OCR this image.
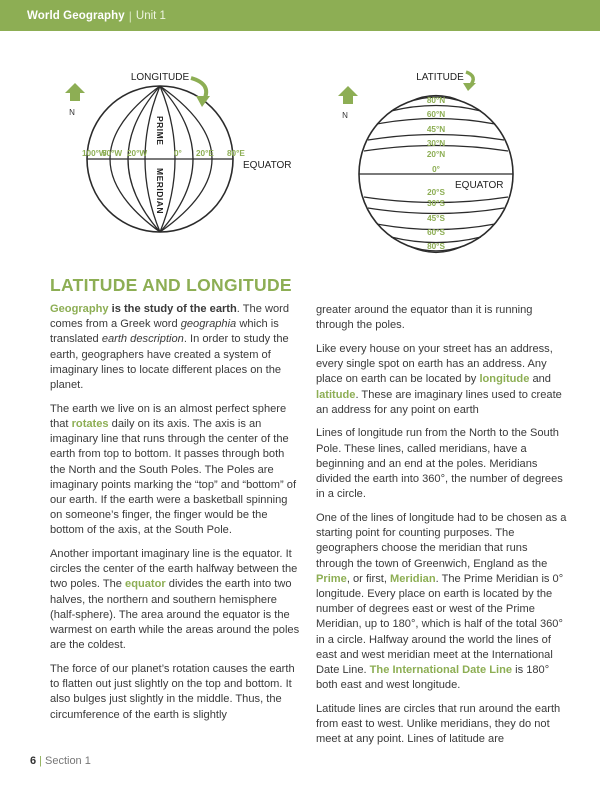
World Geography | Unit 1
N
LONGITUDE
100°W
50°W 20°W	0° 20°E 80°E
EQUATOR
PRIME
MERIDIAN
N
LATITUDE
80°N
60°N
45°N
30°N
20°N
0°
20°S
30°S
45°S
60°S
80°S
EQUATOR
LATITUDE AND LONGITUDE

Geography is the study of the earth. The word comes from a Greek word geographia which is translated earth description. In order to study the earth, geographers have created a system of imaginary lines to locate different places on the planet.

The earth we live on is an almost perfect sphere that rotates daily on its axis. The axis is an imaginary line that runs through the center of the earth from top to bottom. It passes through both the North and the South Poles. The Poles are imaginary points marking the “top” and “bottom” of our earth. If the earth were a basketball spinning on someone’s finger, the finger would be the bottom of the axis, at the South Pole.

Another important imaginary line is the equator. It circles the center of the earth halfway between the two poles. The equator divides the earth into two halves, the northern and southern hemisphere (half-sphere). The area around the equator is the warmest on earth while the areas around the poles are the coldest.

The force of our planet’s rotation causes the earth to flatten out just slightly on the top and bottom. It also bulges just slightly in the middle. Thus, the circumference of the earth is slightly

greater around the equator than it is running through the poles.

Like every house on your street has an address, every single spot on earth has an address. Any place on earth can be located by longitude and latitude. These are imaginary lines used to create an address for any point on earth

Lines of longitude run from the North to the South Pole. These lines, called meridians, have a beginning and an end at the poles. Meridians divided the earth into 360°, the number of degrees in a circle.

One of the lines of longitude had to be chosen as a starting point for counting purposes. The geographers choose the meridian that runs through the town of Greenwich, England as the Prime, or first, Meridian. The Prime Meridian is 0° longitude. Every place on earth is located by the number of degrees east or west of the Prime Meridian, up to 180°, which is half of the total 360° in a circle. Halfway around the world the lines of east and west meridian meet at the International Date Line. The International Date Line is 180° both east and west longitude.

Latitude lines are circles that run around the earth from east to west. Unlike meridians, they do not meet at any point. Lines of latitude are

6 | Section 1
